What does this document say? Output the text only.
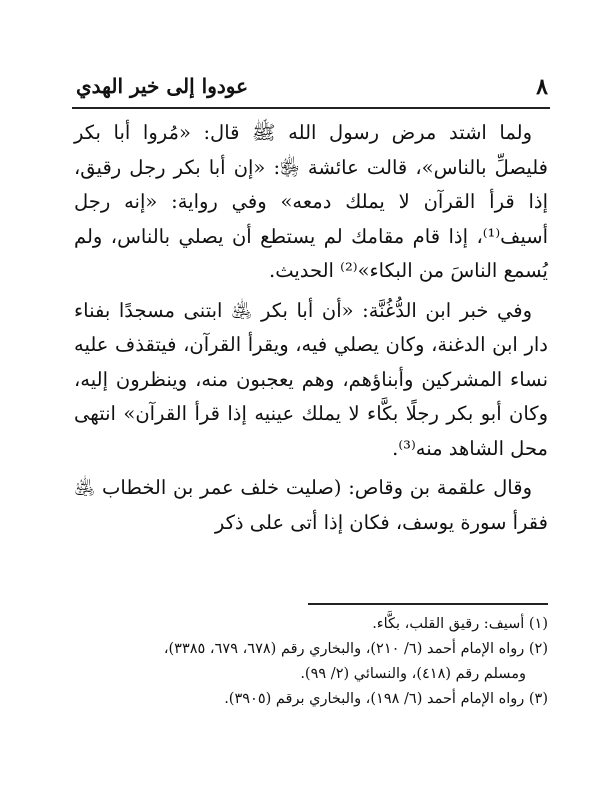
٨
عودوا إلى خير الهدي

ولما اشتد مرض رسول الله ﷺ قال: «مُروا أبا بكر فليصلِّ بالناس»، قالت عائشة ﵂: «إن أبا بكر رجل رقيق، إذا قرأ القرآن لا يملك دمعه» وفي رواية: «إنه رجل أسيف⁽¹⁾، إذا قام مقامك لم يستطع أن يصلي بالناس، ولم يُسمع الناسَ من البكاء»⁽²⁾ الحديث.

وفي خبر ابن الدُّغُنَّة: «أن أبا بكر ﵁ ابتنى مسجدًا بفناء دار ابن الدغنة، وكان يصلي فيه، ويقرأ القرآن، فيتقذف عليه نساء المشركين وأبناؤهم، وهم يعجبون منه، وينظرون إليه، وكان أبو بكر رجلًا بكَّاء لا يملك عينيه إذا قرأ القرآن» انتهى محل الشاهد منه⁽³⁾.

وقال علقمة بن وقاص: (صليت خلف عمر بن الخطاب ﵁ فقرأ سورة يوسف، فكان إذا أتى على ذكر

(١) أسيف: رقيق القلب، بكَّاء.

(٢) رواه الإمام أحمد (٦/ ٢١٠)، والبخاري رقم (٦٧٨، ٦٧٩، ٣٣٨٥)،

ومسلم رقم (٤١٨)، والنسائي (٢/ ٩٩).

(٣) رواه الإمام أحمد (٦/ ١٩٨)، والبخاري برقم (٣٩٠٥).
